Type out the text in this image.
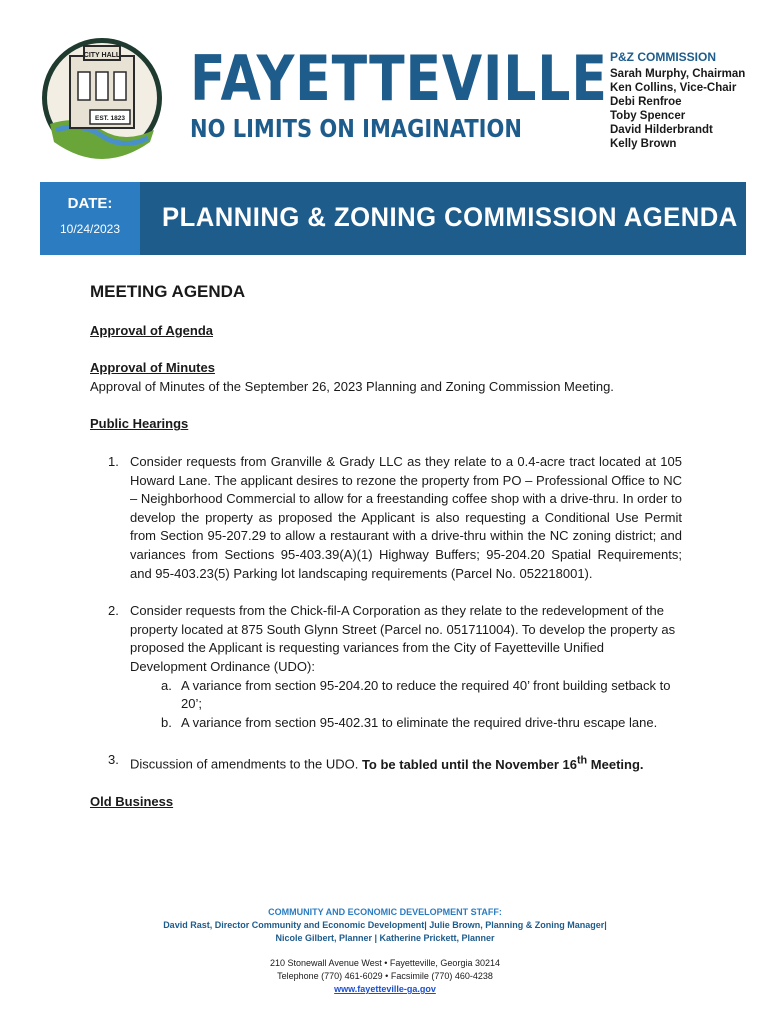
CITY HALL
EST. 1823
FAYETTEVILLE
NO LIMITS ON IMAGINATION
P&Z COMMISSION
Sarah Murphy, Chairman
Ken Collins, Vice-Chair
Debi Renfroe
Toby Spencer
David Hilderbrandt
Kelly Brown
DATE:
10/24/2023	PLANNING & ZONING COMMISSION AGENDA
MEETING AGENDA
Approval of Agenda
Approval of Minutes
Approval of Minutes of the September 26, 2023 Planning and Zoning Commission Meeting.
Public Hearings
1. Consider requests from Granville & Grady LLC as they relate to a 0.4-acre tract located at 105 Howard Lane. The applicant desires to rezone the property from PO – Professional Office to NC – Neighborhood Commercial to allow for a freestanding coffee shop with a drive-thru. In order to develop the property as proposed the Applicant is also requesting a Conditional Use Permit from Section 95-207.29 to allow a restaurant with a drive-thru within the NC zoning district; and variances from Sections 95-403.39(A)(1) Highway Buffers; 95-204.20 Spatial Requirements; and 95-403.23(5) Parking lot landscaping requirements (Parcel No. 052218001).
2. Consider requests from the Chick-fil-A Corporation as they relate to the redevelopment of the property located at 875 South Glynn Street (Parcel no. 051711004). To develop the property as proposed the Applicant is requesting variances from the City of Fayetteville Unified Development Ordinance (UDO):
a. A variance from section 95-204.20 to reduce the required 40’ front building setback to 20’;
b. A variance from section 95-402.31 to eliminate the required drive-thru escape lane.
3. Discussion of amendments to the UDO. To be tabled until the November 16th Meeting.
Old Business
COMMUNITY AND ECONOMIC DEVELOPMENT STAFF:
David Rast, Director Community and Economic Development| Julie Brown, Planning & Zoning Manager|
Nicole Gilbert, Planner | Katherine Prickett, Planner
210 Stonewall Avenue West • Fayetteville, Georgia 30214
Telephone (770) 461-6029 • Facsimile (770) 460-4238
www.fayetteville-ga.gov
